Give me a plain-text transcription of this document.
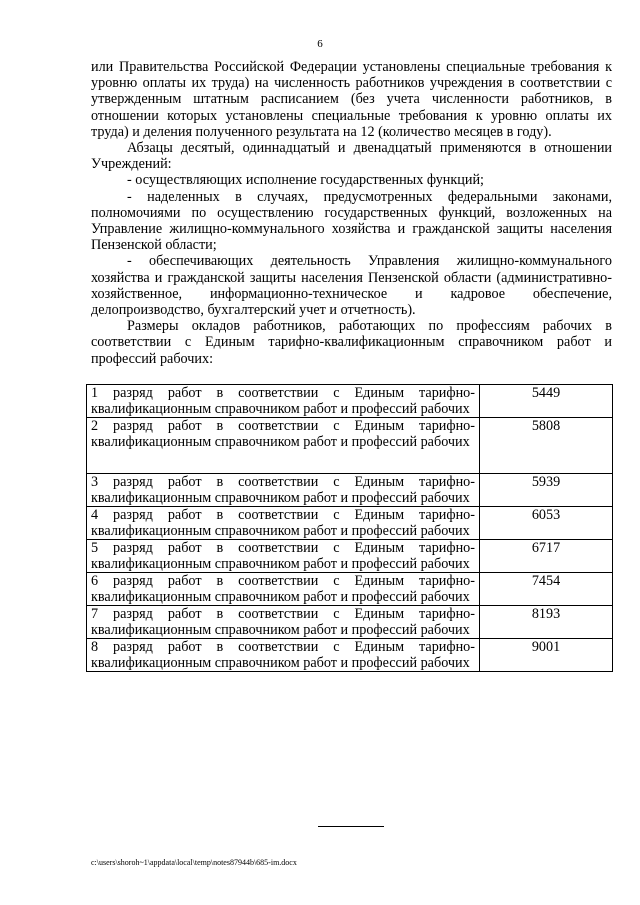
6

или Правительства Российской Федерации установлены специальные требования к уровню оплаты их труда) на численность работников учреждения в соответствии с утвержденным штатным расписанием (без учета численности работников, в отношении которых установлены специальные требования к уровню оплаты их труда) и деления полученного результата на 12 (количество месяцев в году).

Абзацы десятый, одиннадцатый и двенадцатый применяются в отношении Учреждений:

- осуществляющих исполнение государственных функций;

- наделенных в случаях, предусмотренных федеральными законами, полномочиями по осуществлению государственных функций, возложенных на Управление жилищно-коммунального хозяйства и гражданской защиты населения Пензенской области;

- обеспечивающих деятельность Управления жилищно-коммунального хозяйства и гражданской защиты населения Пензенской области (административно-хозяйственное, информационно-техническое и кадровое обеспечение, делопроизводство, бухгалтерский учет и отчетность).

Размеры окладов работников, работающих по профессиям рабочих в соответствии с Единым тарифно-квалификационным справочником работ и профессий рабочих:

1 разряд работ в соответствии с Единым тарифно-квалификационным справочником работ и профессий рабочих	5449
2 разряд работ в соответствии с Единым тарифно-квалификационным справочником работ и профессий рабочих	5808
3 разряд работ в соответствии с Единым тарифно-квалификационным справочником работ и профессий рабочих	5939
4 разряд работ в соответствии с Единым тарифно-квалификационным справочником работ и профессий рабочих	6053
5 разряд работ в соответствии с Единым тарифно-квалификационным справочником работ и профессий рабочих	6717
6 разряд работ в соответствии с Единым тарифно-квалификационным справочником работ и профессий рабочих	7454
7 разряд работ в соответствии с Единым тарифно-квалификационным справочником работ и профессий рабочих	8193
8 разряд работ в соответствии с Единым тарифно-квалификационным справочником работ и профессий рабочих	9001
c:\users\shoroh~1\appdata\local\temp\notes87944b\685-im.docx
